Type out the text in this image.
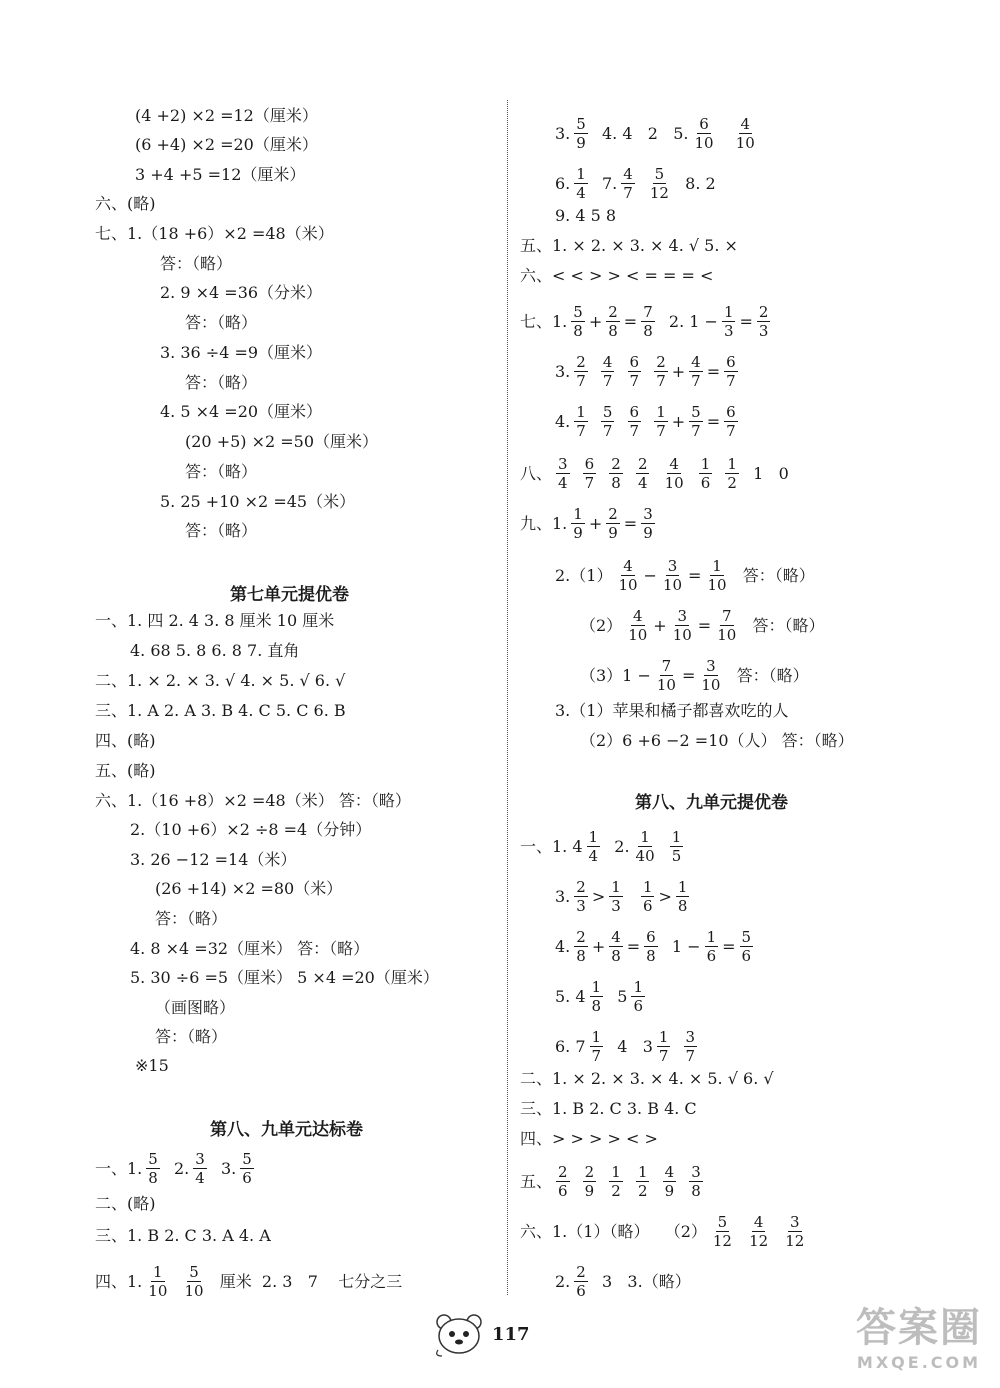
(4 +2) ×2 =12（厘米）
(6 +4) ×2 =20（厘米）
3 +4 +5 =12（厘米）
六、(略)
七、1.（18 +6）×2 =48（米）
答：（略）
2. 9 ×4 =36（分米）
答：（略）
3. 36 ÷4 =9（厘米）
答：（略）
4. 5 ×4 =20（厘米）
(20 +5) ×2 =50（厘米）
答：（略）
5. 25 +10 ×2 =45（米）
答：（略）
第七单元提优卷
一、1. 四 2. 4 3. 8 厘米 10 厘米
4. 68 5. 8 6. 8 7. 直角
二、1. × 2. × 3. √ 4. × 5. √ 6. √
三、1. A 2. A 3. B 4. C 5. C 6. B
四、(略)
五、(略)
六、1.（16 +8）×2 =48（米） 答：（略）
2.（10 +6）×2 ÷8 =4（分钟）
3. 26 −12 =14（米）
(26 +14) ×2 =80（米）
答：（略）
4. 8 ×4 =32（厘米） 答：（略）
5. 30 ÷6 =5（厘米） 5 ×4 =20（厘米）
（画图略）
答：（略）
※15
第八、九单元达标卷
一、1. $\frac{5}{8} 2$. $\frac{3}{4} 3$. $\frac{5}{6}$
二、(略)
三、1. B 2. C 3. A 4. A
四、1. $\frac{1}{10}$
$\frac{5}{10}$ 厘米  2. 3   7    七分之三
3. $\frac{5}{9} 4$. 4   2   5. $\frac{6}{10}$
$\frac{4}{10}$
6. $\frac{1}{4} 7$. $\frac{4}{7}$
$\frac{5}{12} 8$. 2
9. 4 5 8
五、1. × 2. × 3. × 4. √ 5. ×
六、< < > > < = = = <
七、1. $\frac{5}{8} + \frac{2}{8} = \frac{7}{8} 2$. $1 - \frac{1}{3} = \frac{2}{3}$
3. $\frac{2}{7}$
$\frac{4}{7}$
$\frac{6}{7}$
$\frac{2}{7} + \frac{4}{7} = \frac{6}{7}$
4. $\frac{1}{7}$
$\frac{5}{7}$
$\frac{6}{7}$
$\frac{1}{7} + \frac{5}{7} = \frac{6}{7}$
八、 $\frac{3}{4}$
$\frac{6}{7}$
$\frac{2}{8}$
$\frac{2}{4}$
$\frac{4}{10}$
$\frac{1}{6}$
$\frac{1}{2} 1$   0
九、1. $\frac{1}{9} + \frac{2}{9} = \frac{3}{9}$
$2.(1) \frac{4}{10} - \frac{3}{10} = \frac{1}{10}$ 答：（略）
$(2) \frac{4}{10} + \frac{3}{10} = \frac{7}{10}$ 答：（略）
$(3)1 - \frac{7}{10} = \frac{3}{10}$ 答：（略）
3.（1）苹果和橘子都喜欢吃的人
（2）6 +6 −2 =10（人） 答：（略）
第八、九单元提优卷
一、1. $4 \frac{1}{4} 2$. $\frac{1}{40}$
$\frac{1}{5}$
3. $\frac{2}{3} > \frac{1}{3}$
$\frac{1}{6} > \frac{1}{8}$
4. $\frac{2}{8} + \frac{4}{8} = \frac{6}{8} 1 - \frac{1}{6} = \frac{5}{6}$
5. $4 \frac{1}{8} 5 \frac{1}{6}$
6. $7 \frac{1}{7} 4$   $3 \frac{1}{7}$
$\frac{3}{7}$
二、1. × 2. × 3. × 4. × 5. √ 6. √
三、1. B 2. C 3. B 4. C
四、> > > > < >
五、 $\frac{2}{6}$
$\frac{2}{9}$
$\frac{1}{2}$
$\frac{1}{2}$
$\frac{4}{9}$
$\frac{3}{8}$
六、1.（1）（略）   $(2) \frac{5}{12}$
$\frac{4}{12}$
$\frac{3}{12}$
2. $\frac{2}{6} 3$   3.（略）
117	答案圈
MXQE.COM
